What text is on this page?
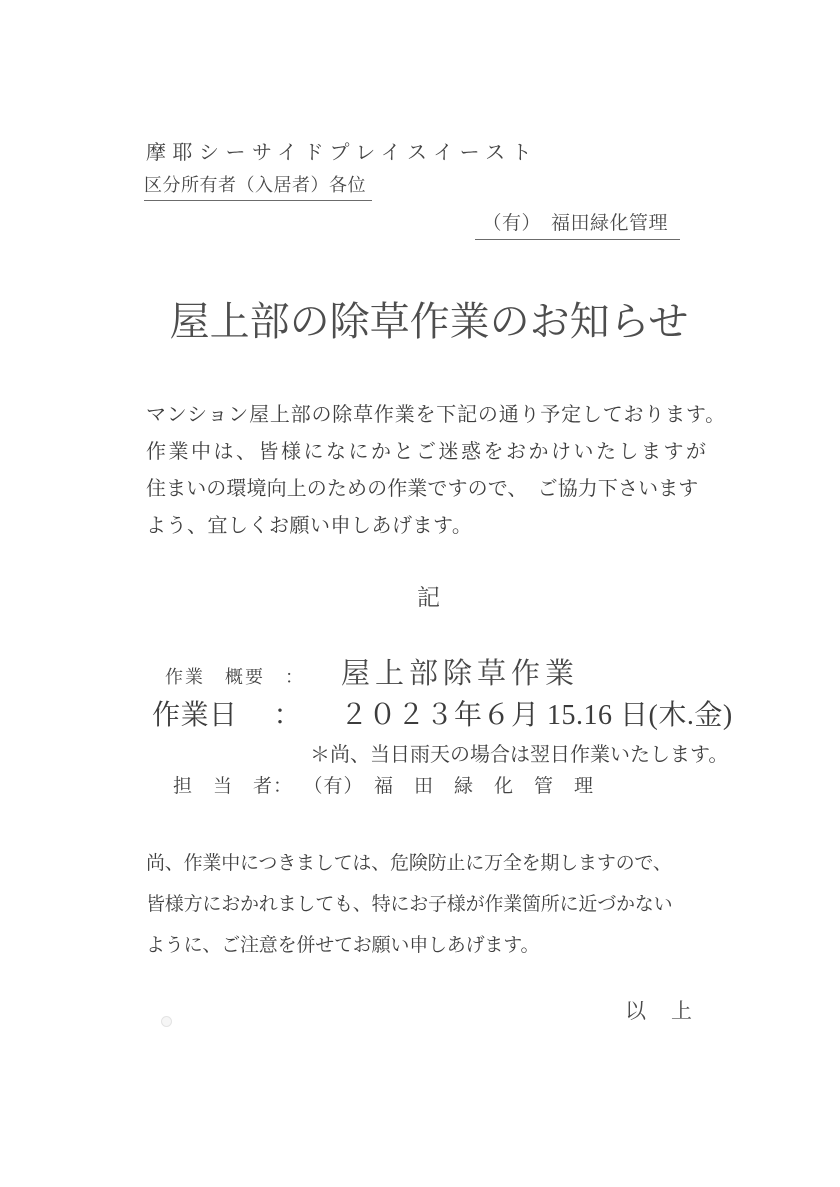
摩耶シーサイドプレイスイースト
区分所有者（入居者）各位
（有）　福田緑化管理
屋上部の除草作業のお知らせ
マンション屋上部の除草作業を下記の通り予定しております。
作業中は、皆様になにかとご迷惑をおかけいたしますが
住まいの環境向上のための作業ですので、　ご協力下さいます
よう、宜しくお願い申しあげます。
記
作業　概要　： 屋上部除草作業
作業日 ： ２０２３年６月 15.16 日(木.金)
＊尚、当日雨天の場合は翌日作業いたします。
担　当　者： （有）　福　田　緑　化　管　理
尚、作業中につきましては、危険防止に万全を期しますので、
皆様方におかれましても、特にお子様が作業箇所に近づかない
ように、ご注意を併せてお願い申しあげます。
以　上
